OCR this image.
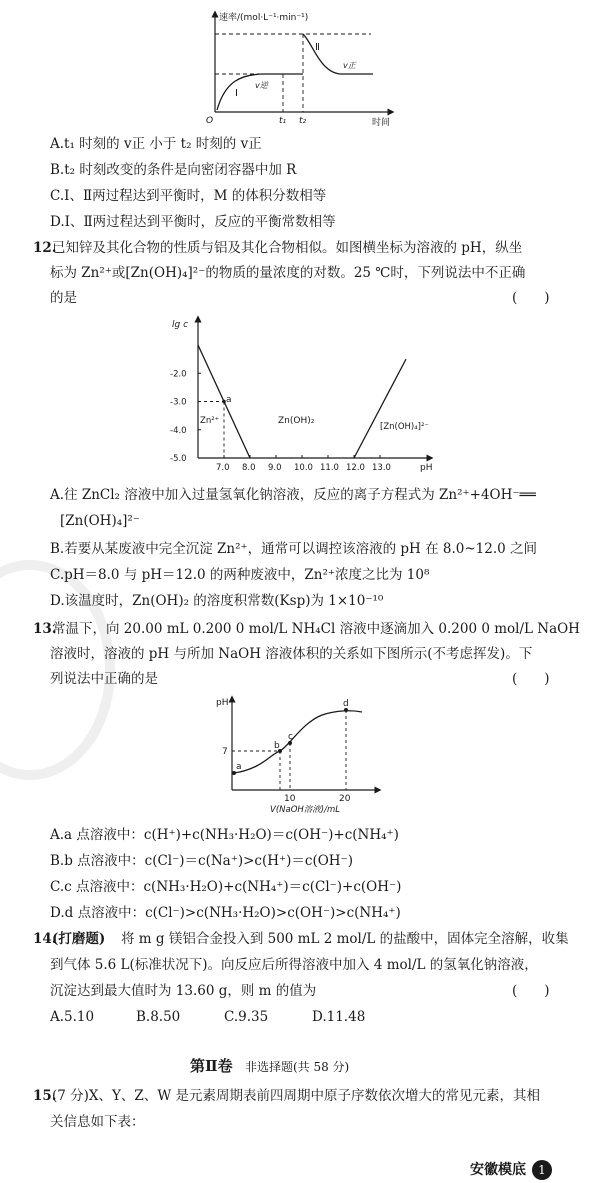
速率/(mol·L⁻¹·min⁻¹)
时间
O	t₁ t₂
Ⅰ
Ⅱ
v逆
v正
A.t₁ 时刻的 v正 小于 t₂ 时刻的 v正
B.t₂ 时刻改变的条件是向密闭容器中加 R
C.Ⅰ、Ⅱ两过程达到平衡时，M 的体积分数相等
D.Ⅰ、Ⅱ两过程达到平衡时，反应的平衡常数相等
12.
已知锌及其化合物的性质与铝及其化合物相似。如图横坐标为溶液的 pH，纵坐
标为 Zn²⁺或[Zn(OH)₄]²⁻的物质的量浓度的对数。25 ℃时，下列说法中不正确
的是	(　　)
7.0 8.0 9.0 10.0 11.0 12.0 13.0
-2.0
-3.0
-4.0
-5.0
lg c
pH
a
Zn²⁺	Zn(OH)₂
[Zn(OH)₄]²⁻
A.往 ZnCl₂ 溶液中加入过量氢氧化钠溶液，反应的离子方程式为 Zn²⁺+4OH⁻══
[Zn(OH)₄]²⁻
B.若要从某废液中完全沉淀 Zn²⁺，通常可以调控该溶液的 pH 在 8.0~12.0 之间
C.pH＝8.0 与 pH＝12.0 的两种废液中，Zn²⁺浓度之比为 10⁸
D.该温度时，Zn(OH)₂ 的溶度积常数(Ksp)为 1×10⁻¹⁰
13.
常温下，向 20.00 mL 0.200 0 mol/L NH₄Cl 溶液中逐滴加入 0.200 0 mol/L NaOH
溶液时，溶液的 pH 与所加 NaOH 溶液体积的关系如下图所示(不考虑挥发)。下
列说法中正确的是	(　　)
pH
7
10	20
V(NaOH溶液)/mL
a
b
c
d
A.a 点溶液中：c(H⁺)+c(NH₃·H₂O)＝c(OH⁻)+c(NH₄⁺)
B.b 点溶液中：c(Cl⁻)＝c(Na⁺)>c(H⁺)＝c(OH⁻)
C.c 点溶液中：c(NH₃·H₂O)+c(NH₄⁺)＝c(Cl⁻)+c(OH⁻)
D.d 点溶液中：c(Cl⁻)>c(NH₃·H₂O)>c(OH⁻)>c(NH₄⁺)
14.
(打磨题) 将 m g 镁铝合金投入到 500 mL 2 mol/L 的盐酸中，固体完全溶解，收集
到气体 5.6 L(标准状况下)。向反应后所得溶液中加入 4 mol/L 的氢氧化钠溶液，
沉淀达到最大值时为 13.60 g，则 m 的值为	(　　)
A.5.10	B.8.50	C.9.35	D.11.48
第Ⅱ卷 非选择题(共 58 分)
15.
(7 分)X、Y、Z、W 是元素周期表前四周期中原子序数依次增大的常见元素，其相
关信息如下表：
安徽模底 1
